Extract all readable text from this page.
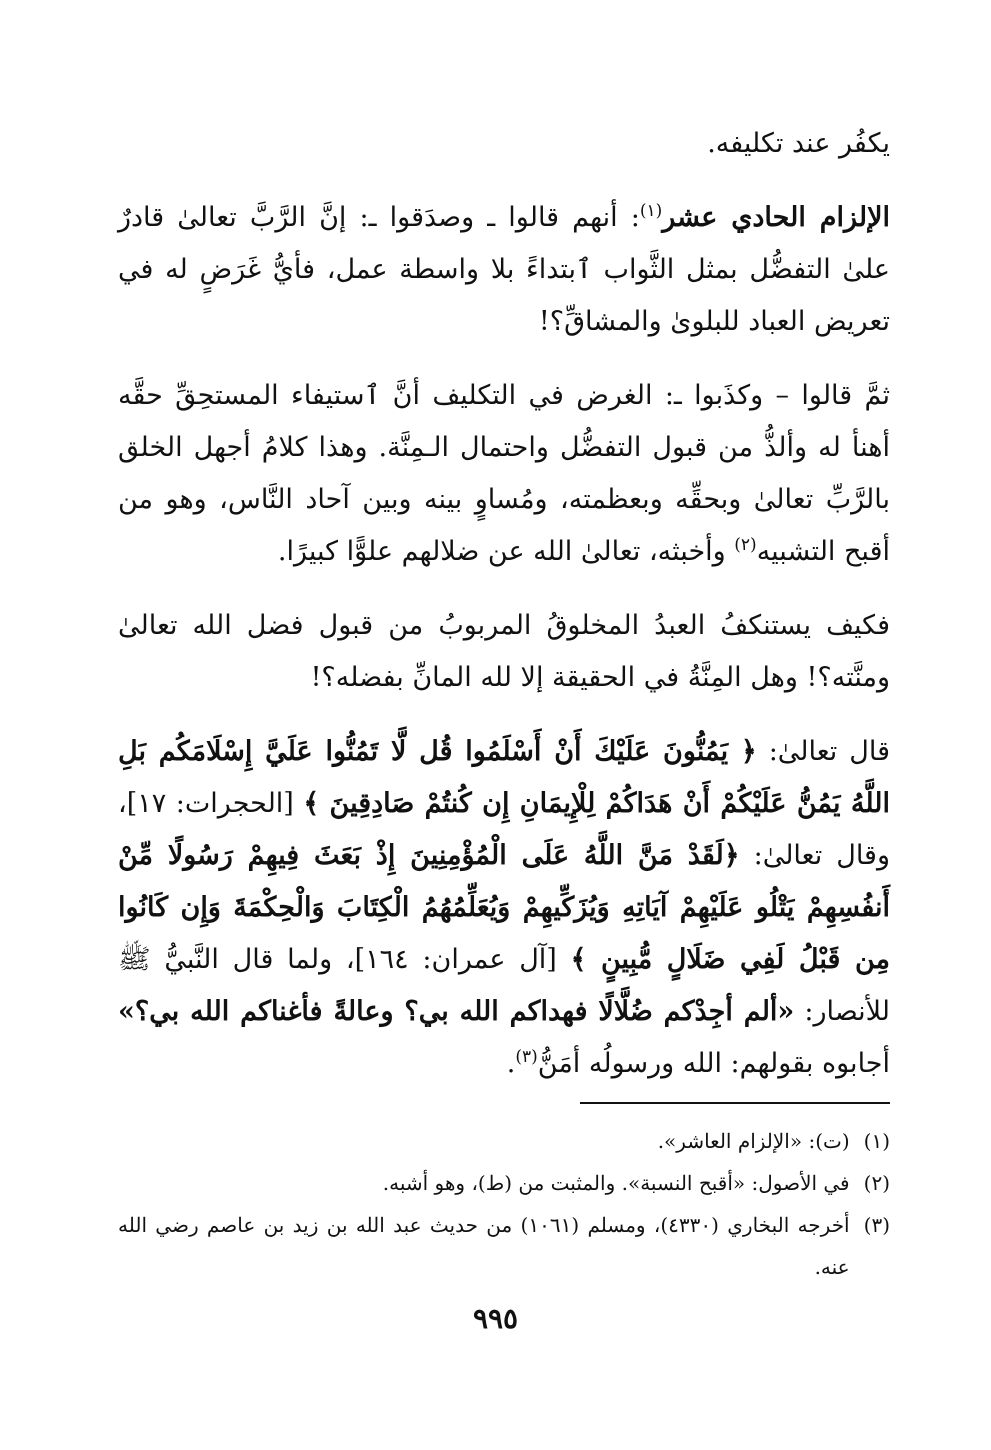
يكفُر عند تكليفه.

الإلزام الحادي عشر$^{(١)}$: أنهم قالوا ـ وصدَقوا ـ: إنَّ الرَّبَّ تعالىٰ قادرٌ علىٰ التفضُّل بمثل الثَّواب ٱبتداءً بلا واسطة عمل، فأيُّ غَرَضٍ له في تعريض العباد للبلوىٰ والمشاقِّ؟!

ثمَّ قالوا – وكذَبوا ـ: الغرض في التكليف أنَّ ٱستيفاء المستحِقِّ حقَّه أهنأ له وألذُّ من قبول التفضُّل واحتمال الـمِنَّة. وهذا كلامُ أجهل الخلق بالرَّبِّ تعالىٰ وبحقِّه وبعظمته، ومُساوٍ بينه وبين آحاد النَّاس، وهو من أقبح التشبيه$^{(٢)}$ وأخبثه، تعالىٰ الله عن ضلالهم علوًّا كبيرًا.

فكيف يستنكفُ العبدُ المخلوقُ المربوبُ من قبول فضل الله تعالىٰ ومنَّته؟! وهل المِنَّةُ في الحقيقة إلا لله المانِّ بفضله؟!

قال تعالىٰ: ﴿ يَمُنُّونَ عَلَيْكَ أَنْ أَسْلَمُوا قُل لَّا تَمُنُّوا عَلَيَّ إِسْلَامَكُم بَلِ اللَّهُ يَمُنُّ عَلَيْكُمْ أَنْ هَدَاكُمْ لِلْإِيمَانِ إِن كُنتُمْ صَادِقِينَ ﴾ [الحجرات: ١٧]، وقال تعالىٰ: ﴿لَقَدْ مَنَّ اللَّهُ عَلَى الْمُؤْمِنِينَ إِذْ بَعَثَ فِيهِمْ رَسُولًا مِّنْ أَنفُسِهِمْ يَتْلُو عَلَيْهِمْ آيَاتِهِ وَيُزَكِّيهِمْ وَيُعَلِّمُهُمُ الْكِتَابَ وَالْحِكْمَةَ وَإِن كَانُوا مِن قَبْلُ لَفِي ضَلَالٍ مُّبِينٍ ﴾ [آل عمران: ١٦٤]، ولما قال النَّبيُّ ﷺ للأنصار: «ألم أجِدْكم ضُلَّالًا فهداكم الله بي؟ وعالةً فأغناكم الله بي؟» أجابوه بقولهم: الله ورسولُه أمَنُّ$^{(٣)}$.

(١)
(ت): «الإلزام العاشر».

(٢)
في الأصول: «أقبح النسبة». والمثبت من (ط)، وهو أشبه.

(٣)
أخرجه البخاري (٤٣٣٠)، ومسلم (١٠٦١) من حديث عبد الله بن زيد بن عاصم رضي الله عنه.

٩٩٥
